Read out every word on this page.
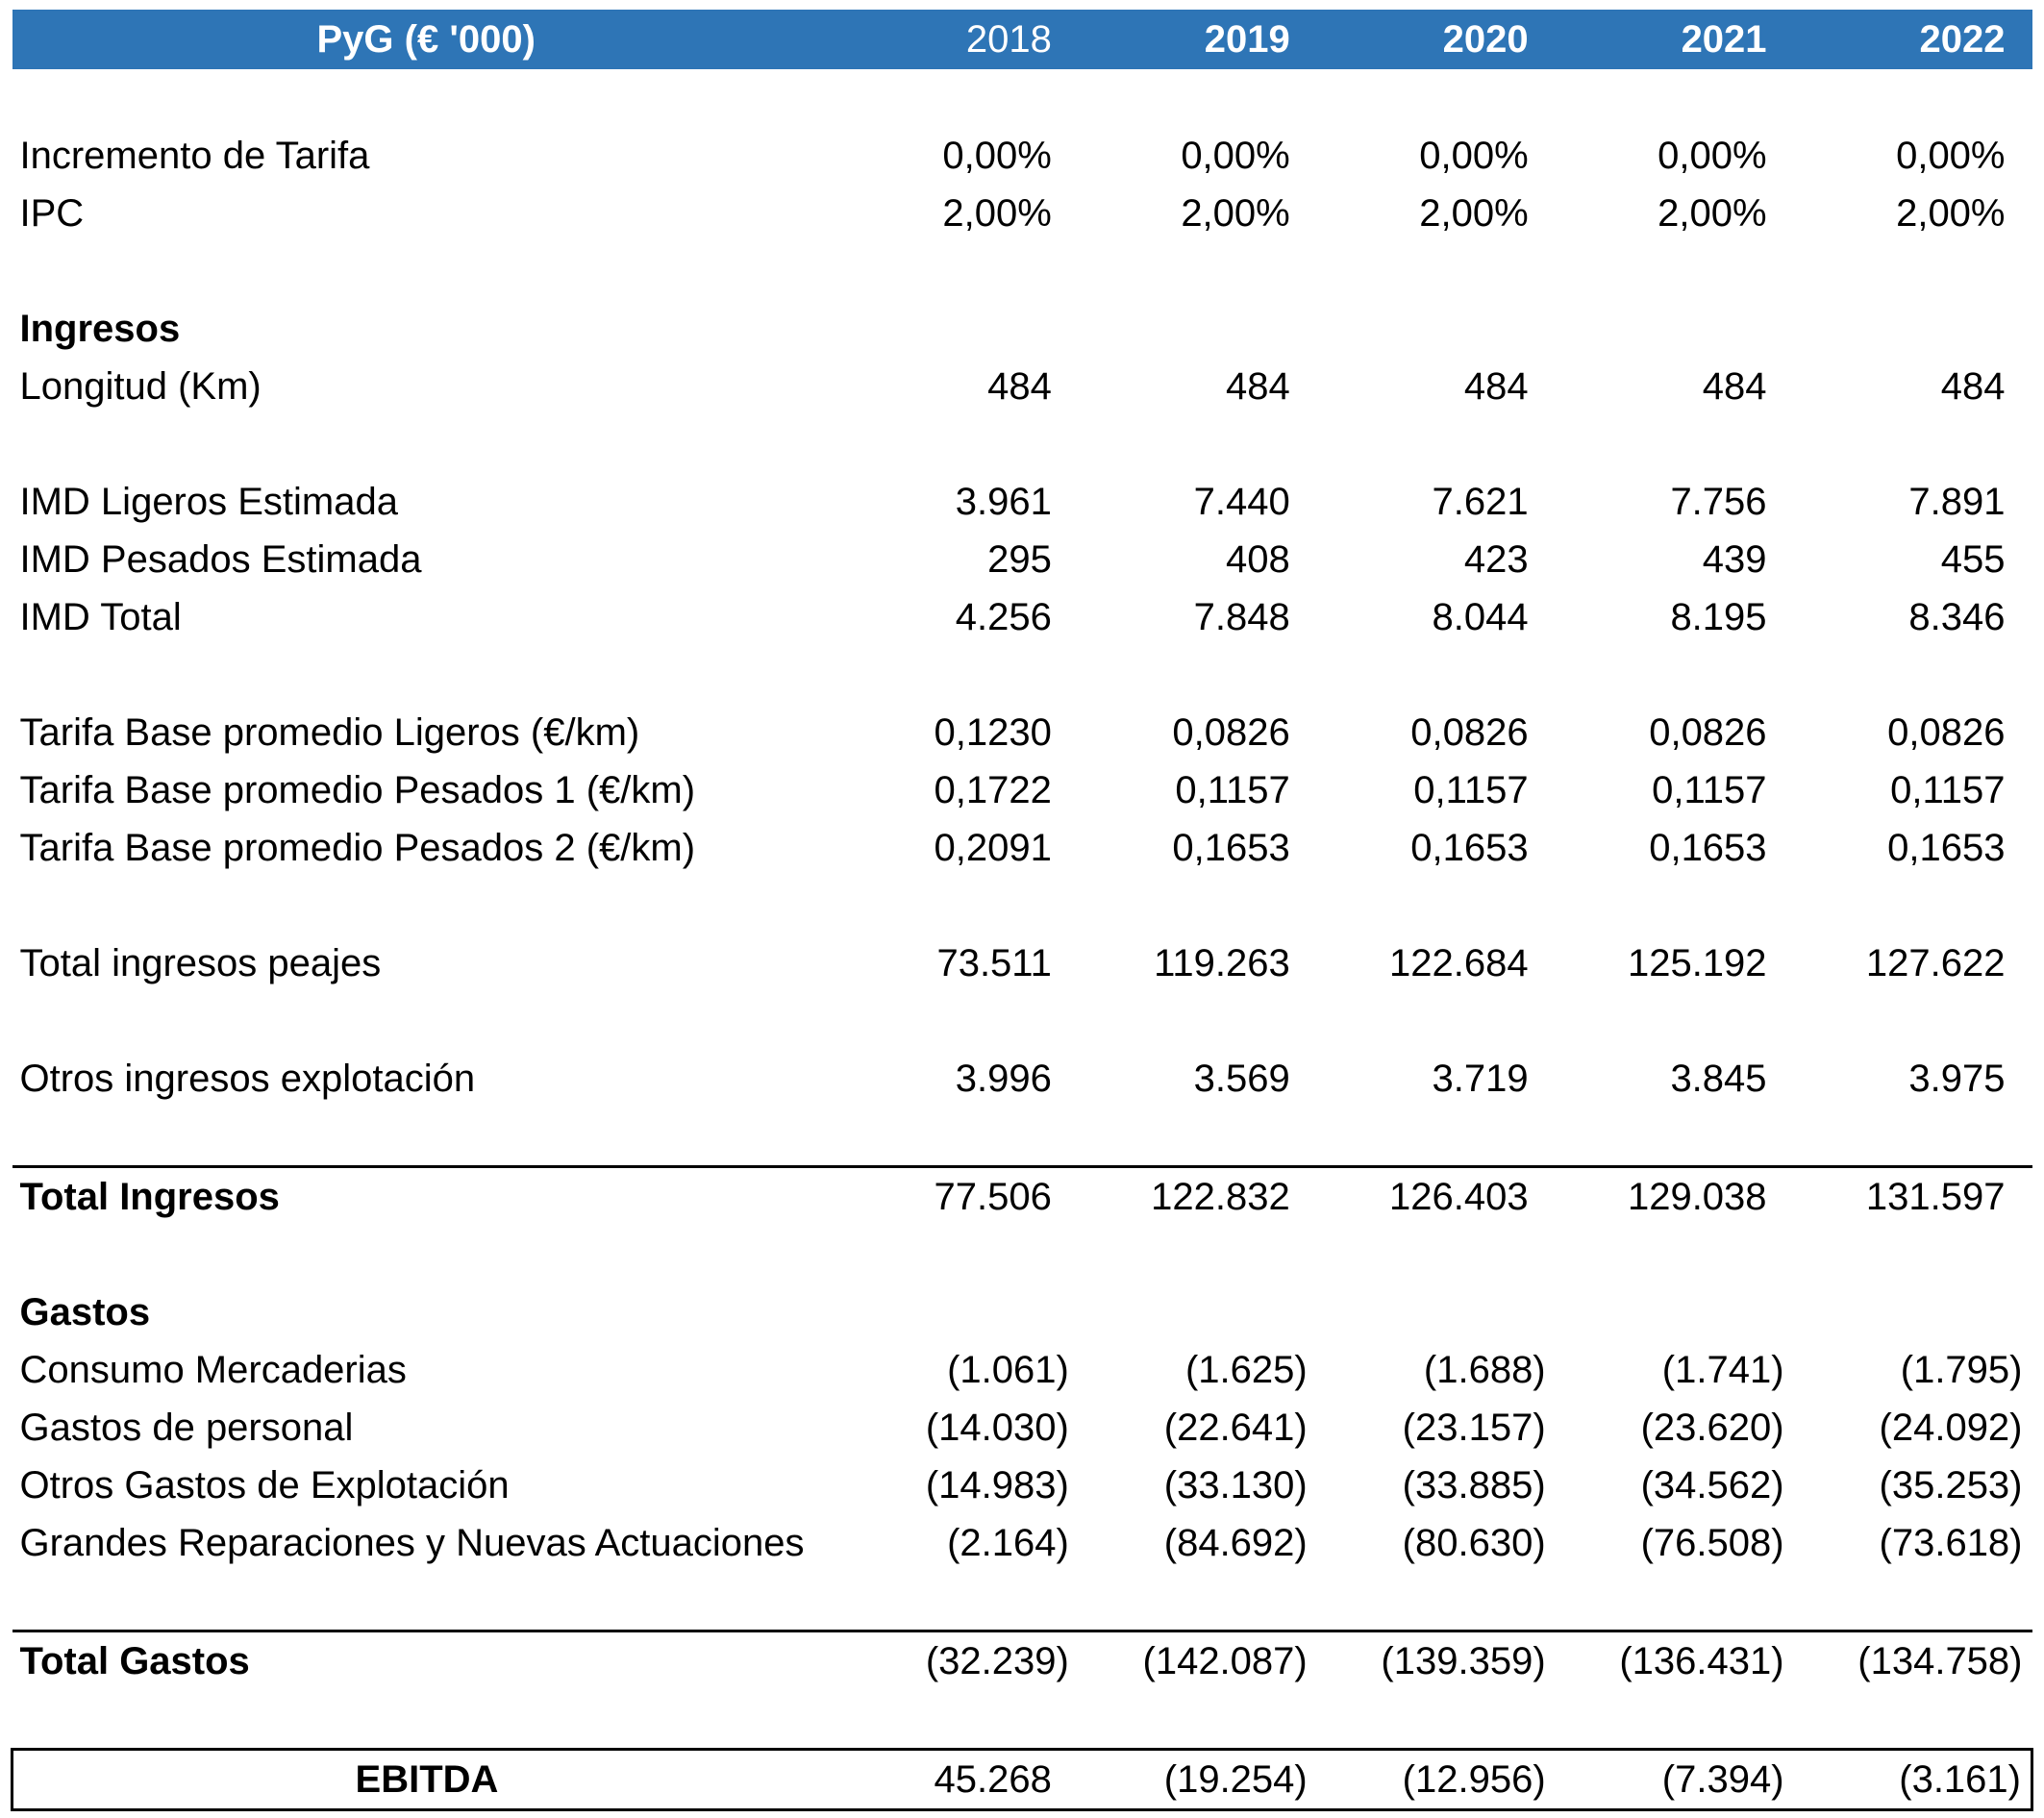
PyG (€ '000)	2018	2019	2020	2021	2022

Incremento de Tarifa	0,00%	0,00%	0,00%	0,00%	0,00%
IPC	2,00%	2,00%	2,00%	2,00%	2,00%

Ingresos					
Longitud (Km)	484	484	484	484	484

IMD Ligeros Estimada	3.961	7.440	7.621	7.756	7.891
IMD Pesados Estimada	295	408	423	439	455
IMD Total	4.256	7.848	8.044	8.195	8.346

Tarifa Base promedio Ligeros (€/km)	0,1230	0,0826	0,0826	0,0826	0,0826
Tarifa Base promedio Pesados 1 (€/km)	0,1722	0,1157	0,1157	0,1157	0,1157
Tarifa Base promedio Pesados 2 (€/km)	0,2091	0,1653	0,1653	0,1653	0,1653

Total ingresos peajes	73.511	119.263	122.684	125.192	127.622

Otros ingresos explotación	3.996	3.569	3.719	3.845	3.975

Total Ingresos	77.506	122.832	126.403	129.038	131.597

Gastos					
Consumo Mercaderias	(1.061)	(1.625)	(1.688)	(1.741)	(1.795)
Gastos de personal	(14.030)	(22.641)	(23.157)	(23.620)	(24.092)
Otros Gastos de Explotación	(14.983)	(33.130)	(33.885)	(34.562)	(35.253)
Grandes Reparaciones y Nuevas Actuaciones	(2.164)	(84.692)	(80.630)	(76.508)	(73.618)

Total Gastos	(32.239)	(142.087)	(139.359)	(136.431)	(134.758)

EBITDA	45.268	(19.254)	(12.956)	(7.394)	(3.161)
